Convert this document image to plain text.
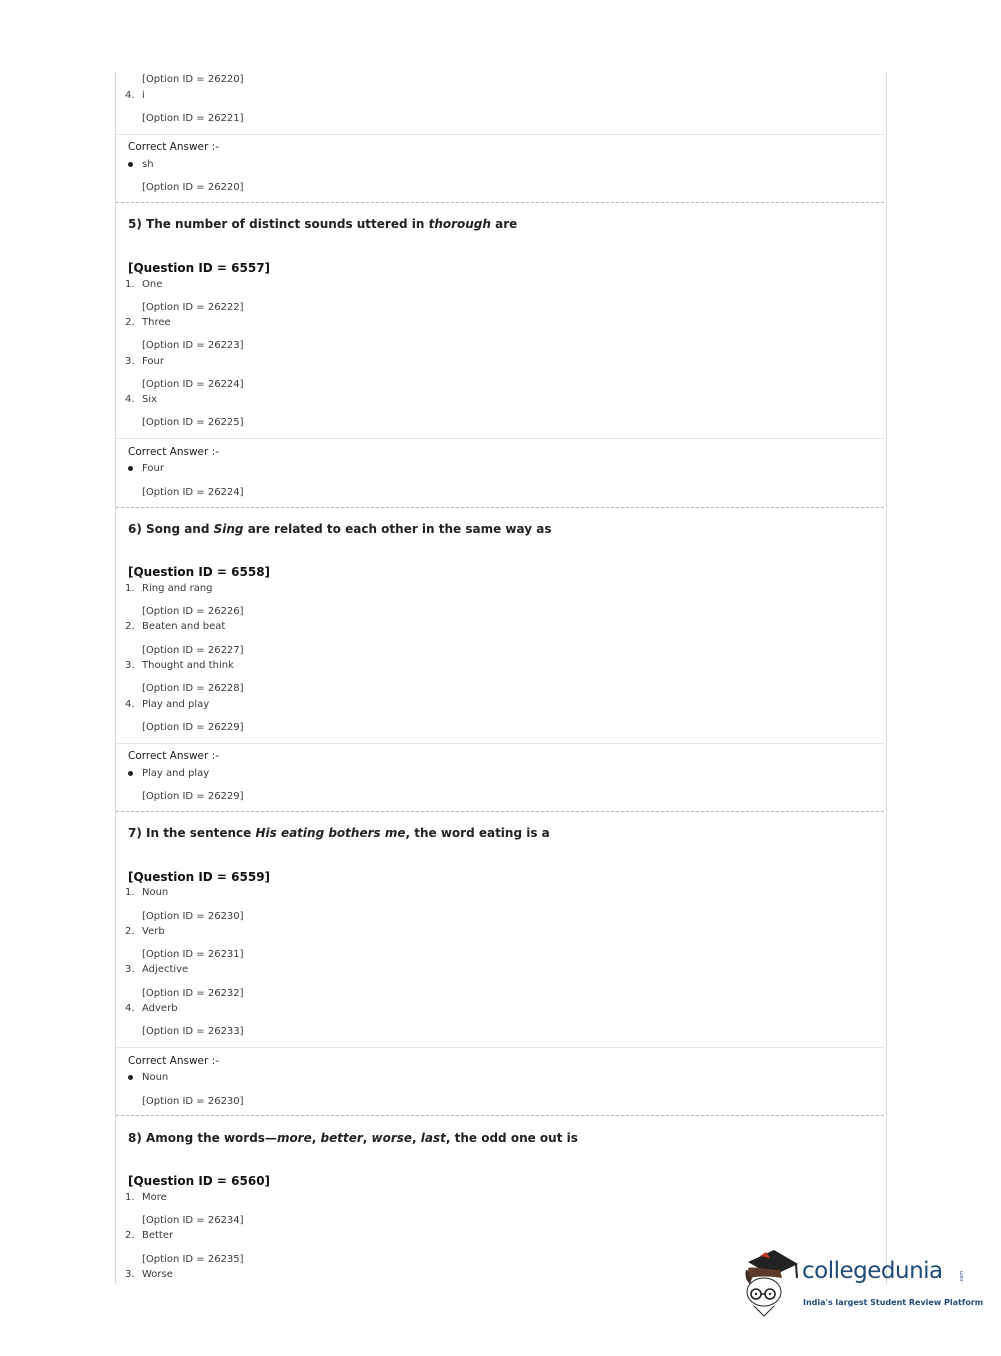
[Option ID = 26220]
4. i
[Option ID = 26221]
Correct Answer :-
sh
[Option ID = 26220]
5) The number of distinct sounds uttered in thorough are
[Question ID = 6557]
1. One
[Option ID = 26222]
2. Three
[Option ID = 26223]
3. Four
[Option ID = 26224]
4. Six
[Option ID = 26225]
Correct Answer :-
Four
[Option ID = 26224]
6) Song and Sing are related to each other in the same way as
[Question ID = 6558]
1. Ring and rang
[Option ID = 26226]
2. Beaten and beat
[Option ID = 26227]
3. Thought and think
[Option ID = 26228]
4. Play and play
[Option ID = 26229]
Correct Answer :-
Play and play
[Option ID = 26229]
7) In the sentence His eating bothers me, the word eating is a
[Question ID = 6559]
1. Noun
[Option ID = 26230]
2. Verb
[Option ID = 26231]
3. Adjective
[Option ID = 26232]
4. Adverb
[Option ID = 26233]
Correct Answer :-
Noun
[Option ID = 26230]
8) Among the words—more, better, worse, last, the odd one out is
[Question ID = 6560]
1. More
[Option ID = 26234]
2. Better
[Option ID = 26235]
3. Worse	collegedunia	.com
India's largest Student Review Platform
